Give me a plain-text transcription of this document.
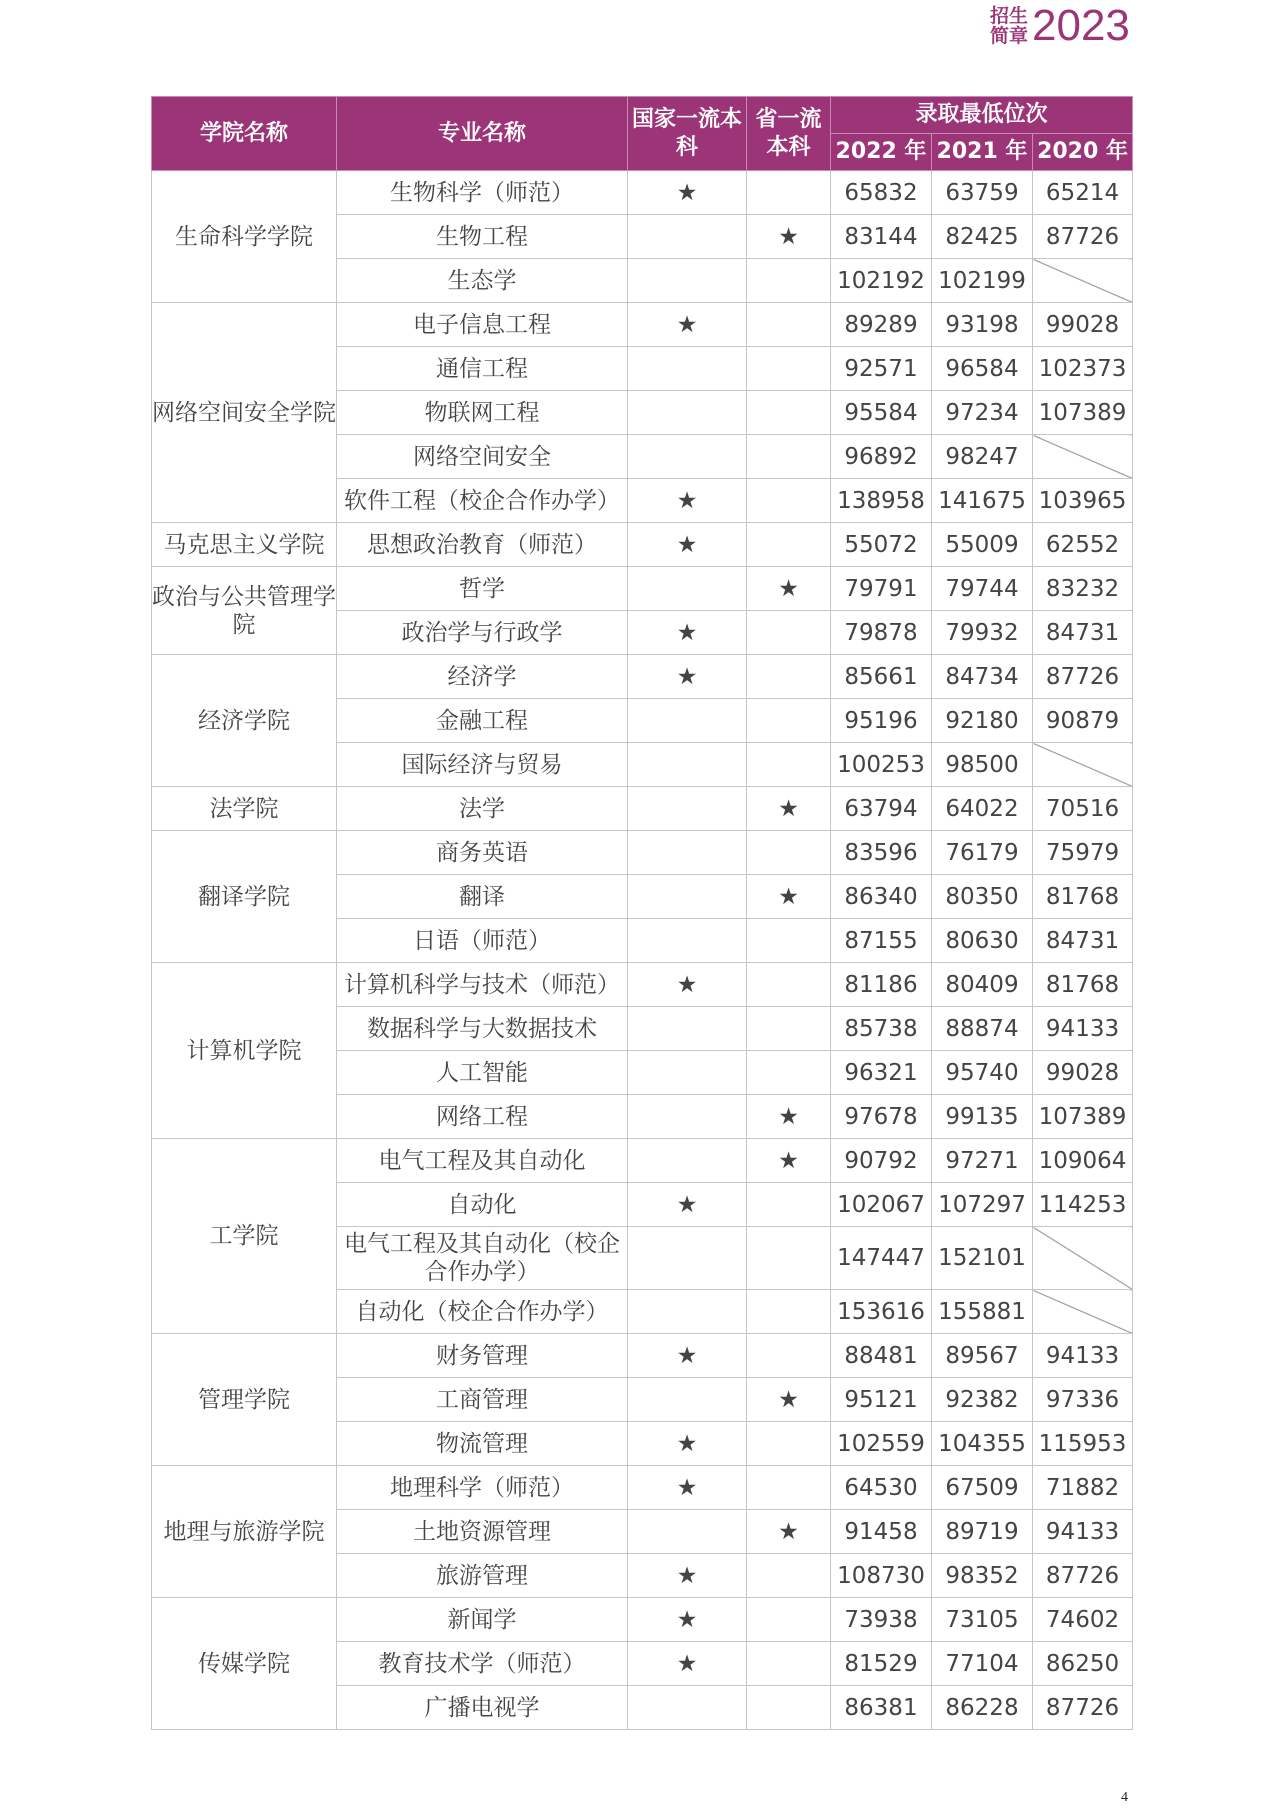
招生
简章 2023
学院名称	专业名称	国家一流本科	省一流本科	录取最低位次		
				2022 年	2021 年	2020 年
生命科学学院	生物科学（师范）	★		65832	63759	65214
	生物工程		★	83144	82425	87726
	生态学			102192	102199	
网络空间安全学院	电子信息工程	★		89289	93198	99028
	通信工程			92571	96584	102373
	物联网工程			95584	97234	107389
	网络空间安全			96892	98247	
	软件工程（校企合作办学）	★		138958	141675	103965
马克思主义学院	思想政治教育（师范）	★		55072	55009	62552
政治与公共管理学院	哲学		★	79791	79744	83232
	政治学与行政学	★		79878	79932	84731
经济学院	经济学	★		85661	84734	87726
	金融工程			95196	92180	90879
	国际经济与贸易			100253	98500	
法学院	法学		★	63794	64022	70516
翻译学院	商务英语			83596	76179	75979
	翻译		★	86340	80350	81768
	日语（师范）			87155	80630	84731
计算机学院	计算机科学与技术（师范）	★		81186	80409	81768
	数据科学与大数据技术			85738	88874	94133
	人工智能			96321	95740	99028
	网络工程		★	97678	99135	107389
工学院	电气工程及其自动化		★	90792	97271	109064
	自动化	★		102067	107297	114253
	电气工程及其自动化（校企合作办学）			147447	152101	
	自动化（校企合作办学）			153616	155881	
管理学院	财务管理	★		88481	89567	94133
	工商管理		★	95121	92382	97336
	物流管理	★		102559	104355	115953
地理与旅游学院	地理科学（师范）	★		64530	67509	71882
	土地资源管理		★	91458	89719	94133
	旅游管理	★		108730	98352	87726
传媒学院	新闻学	★		73938	73105	74602
	教育技术学（师范）	★		81529	77104	86250
	广播电视学			86381	86228	87726
4
